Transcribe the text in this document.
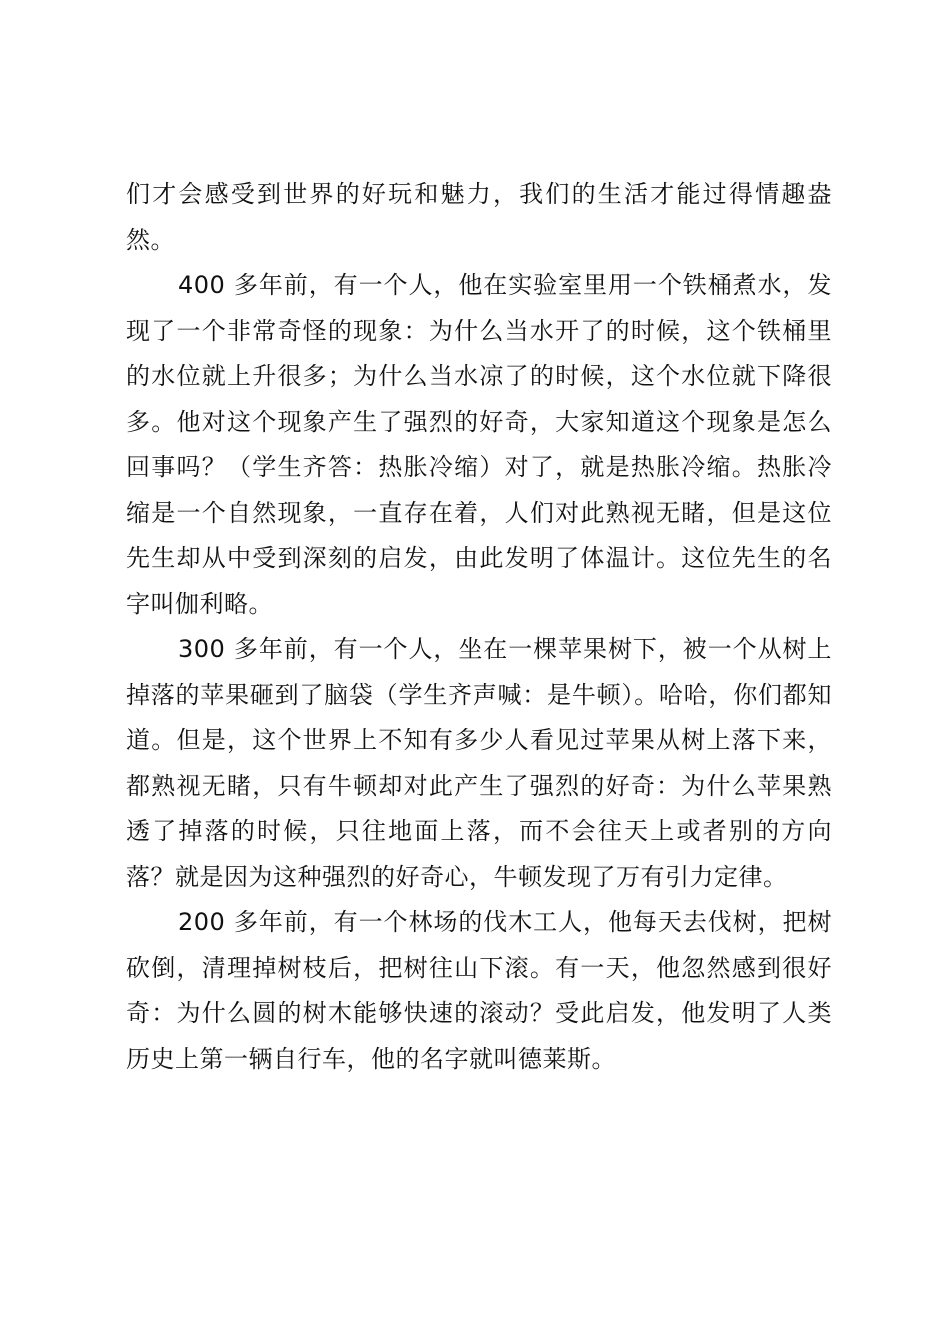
们才会感受到世界的好玩和魅力，我们的生活才能过得情趣盎然。

400 多年前，有一个人，他在实验室里用一个铁桶煮水，发现了一个非常奇怪的现象：为什么当水开了的时候，这个铁桶里的水位就上升很多；为什么当水凉了的时候，这个水位就下降很多。他对这个现象产生了强烈的好奇，大家知道这个现象是怎么回事吗？（学生齐答：热胀冷缩）对了，就是热胀冷缩。热胀冷缩是一个自然现象，一直存在着，人们对此熟视无睹，但是这位先生却从中受到深刻的启发，由此发明了体温计。这位先生的名字叫伽利略。

300 多年前，有一个人，坐在一棵苹果树下，被一个从树上掉落的苹果砸到了脑袋（学生齐声喊：是牛顿）。哈哈，你们都知道。但是，这个世界上不知有多少人看见过苹果从树上落下来，都熟视无睹，只有牛顿却对此产生了强烈的好奇：为什么苹果熟透了掉落的时候，只往地面上落，而不会往天上或者别的方向落？就是因为这种强烈的好奇心，牛顿发现了万有引力定律。

200 多年前，有一个林场的伐木工人，他每天去伐树，把树砍倒，清理掉树枝后，把树往山下滚。有一天，他忽然感到很好奇：为什么圆的树木能够快速的滚动？受此启发，他发明了人类历史上第一辆自行车，他的名字就叫德莱斯。
